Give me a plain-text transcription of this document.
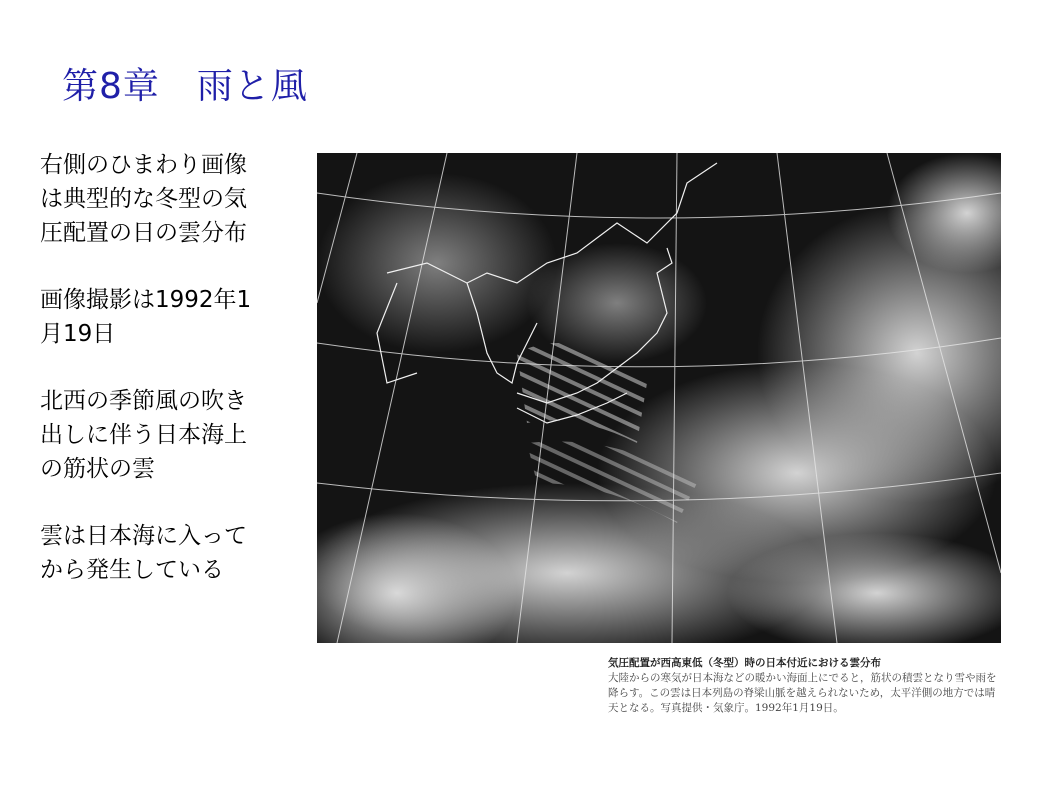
第8章　雨と風
右側のひまわり画像
は典型的な冬型の気
圧配置の日の雲分布
画像撮影は1992年1
月19日
北西の季節風の吹き
出しに伴う日本海上
の筋状の雲
雲は日本海に入って
から発生している
気圧配置が西高東低（冬型）時の日本付近における雲分布
大陸からの寒気が日本海などの暖かい海面上にでると，筋状の積雲となり雪や雨を降らす。この雲は日本列島の脊梁山脈を越えられないため，太平洋側の地方では晴天となる。写真提供・気象庁。1992年1月19日。
